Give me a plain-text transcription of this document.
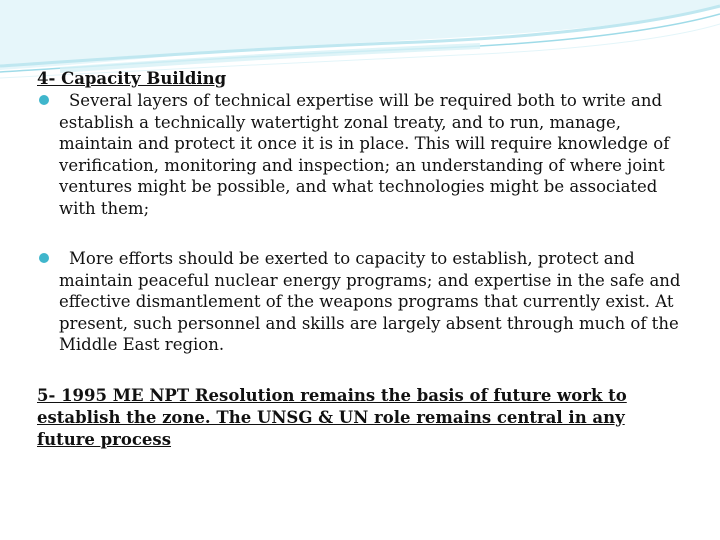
4- Capacity Building
Several layers of technical expertise will be required both to write and establish a technically watertight zonal treaty, and to run, manage, maintain and protect it once it is in place. This will require knowledge of verification, monitoring and inspection; an understanding of where joint ventures might be possible, and what technologies might be associated with them;
More efforts should be exerted to capacity to establish, protect and maintain peaceful nuclear energy programs; and expertise in the safe and effective dismantlement of the weapons programs that currently exist. At present, such personnel and skills are largely absent through much of the Middle East region.

5- 1995 ME NPT Resolution remains the basis of future work to establish the zone. The UNSG & UN role remains central in any future process
